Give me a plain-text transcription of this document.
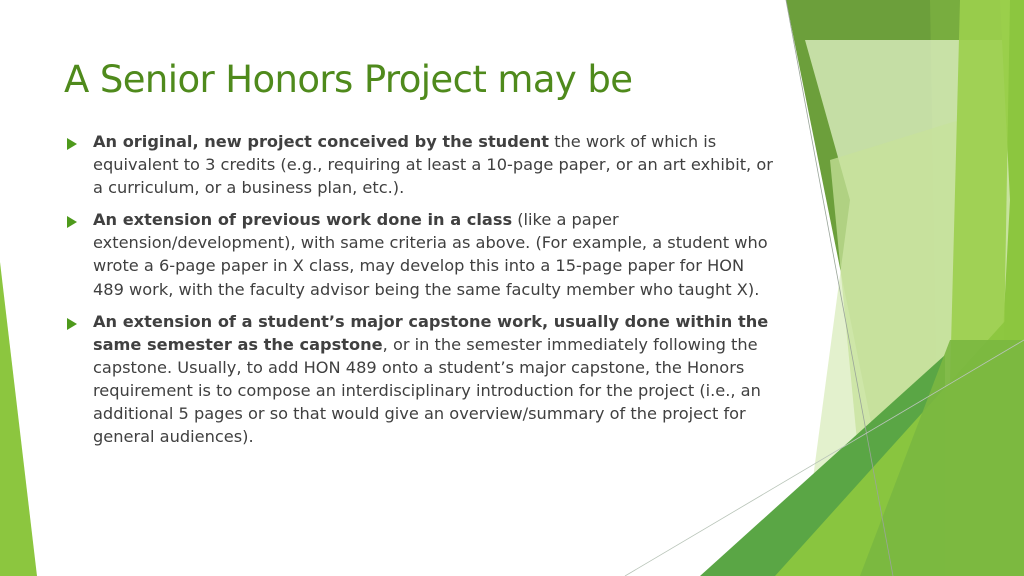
A Senior Honors Project may be
An original, new project conceived by the student the work of which is equivalent to 3 credits (e.g., requiring at least a 10-page paper, or an art exhibit, or a curriculum, or a business plan, etc.).
An extension of previous work done in a class (like a paper extension/development), with same criteria as above. (For example, a student who wrote a 6-page paper in X class, may develop this into a 15-page paper for HON 489 work, with the faculty advisor being the same faculty member who taught X).
An extension of a student’s major capstone work, usually done within the same semester as the capstone, or in the semester immediately following the capstone. Usually, to add HON 489 onto a student’s major capstone, the Honors requirement is to compose an interdisciplinary introduction for the project (i.e., an additional 5 pages or so that would give an overview/summary of the project for general audiences).
